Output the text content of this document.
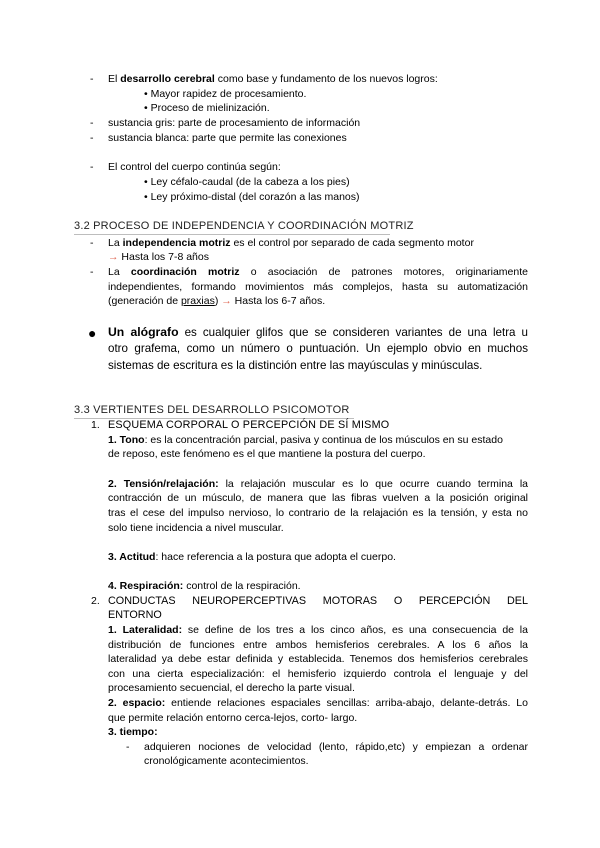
- El desarrollo cerebral como base y fundamento de los nuevos logros:
• Mayor rapidez de procesamiento.
• Proceso de mielinización.
- sustancia gris: parte de procesamiento de información
- sustancia blanca: parte que permite las conexiones
- El control del cuerpo continúa según:
• Ley céfalo-caudal (de la cabeza a los pies)
• Ley próximo-distal (del corazón a las manos)
3.2 PROCESO DE INDEPENDENCIA Y COORDINACIÓN MOTRIZ
- La independencia motriz es el control por separado de cada segmento motor
→ Hasta los 7-8 años
- La coordinación motriz o asociación de patrones motores, originariamente
independientes, formando movimientos más complejos, hasta su automatización
(generación de praxias) → Hasta los 6-7 años.
● Un alógrafo es cualquier glifos que se consideren variantes de una letra u
otro grafema, como un número o puntuación. Un ejemplo obvio en muchos
sistemas de escritura es la distinción entre las mayúsculas y minúsculas.
3.3 VERTIENTES DEL DESARROLLO PSICOMOTOR
1. ESQUEMA CORPORAL O PERCEPCIÓN DE SÍ MISMO
1. Tono: es la concentración parcial, pasiva y continua de los músculos en su estado
de reposo, este fenómeno es el que mantiene la postura del cuerpo.
2. Tensión/relajación: la relajación muscular es lo que ocurre cuando termina la
contracción de un músculo, de manera que las fibras vuelven a la posición original
tras el cese del impulso nervioso, lo contrario de la relajación es la tensión, y esta no
solo tiene incidencia a nivel muscular.
3. Actitud: hace referencia a la postura que adopta el cuerpo.
4. Respiración: control de la respiración.
2. CONDUCTAS NEUROPERCEPTIVAS MOTORAS O PERCEPCIÓN DEL
ENTORNO
1. Lateralidad: se define de los tres a los cinco años, es una consecuencia de la
distribución de funciones entre ambos hemisferios cerebrales. A los 6 años la
lateralidad ya debe estar definida y establecida. Tenemos dos hemisferios cerebrales
con una cierta especialización: el hemisferio izquierdo controla el lenguaje y del
procesamiento secuencial, el derecho la parte visual.
2. espacio: entiende relaciones espaciales sencillas: arriba-abajo, delante-detrás. Lo
que permite relación entorno cerca-lejos, corto- largo.
3. tiempo:
- adquieren nociones de velocidad (lento, rápido,etc) y empiezan a ordenar
cronológicamente acontecimientos.
